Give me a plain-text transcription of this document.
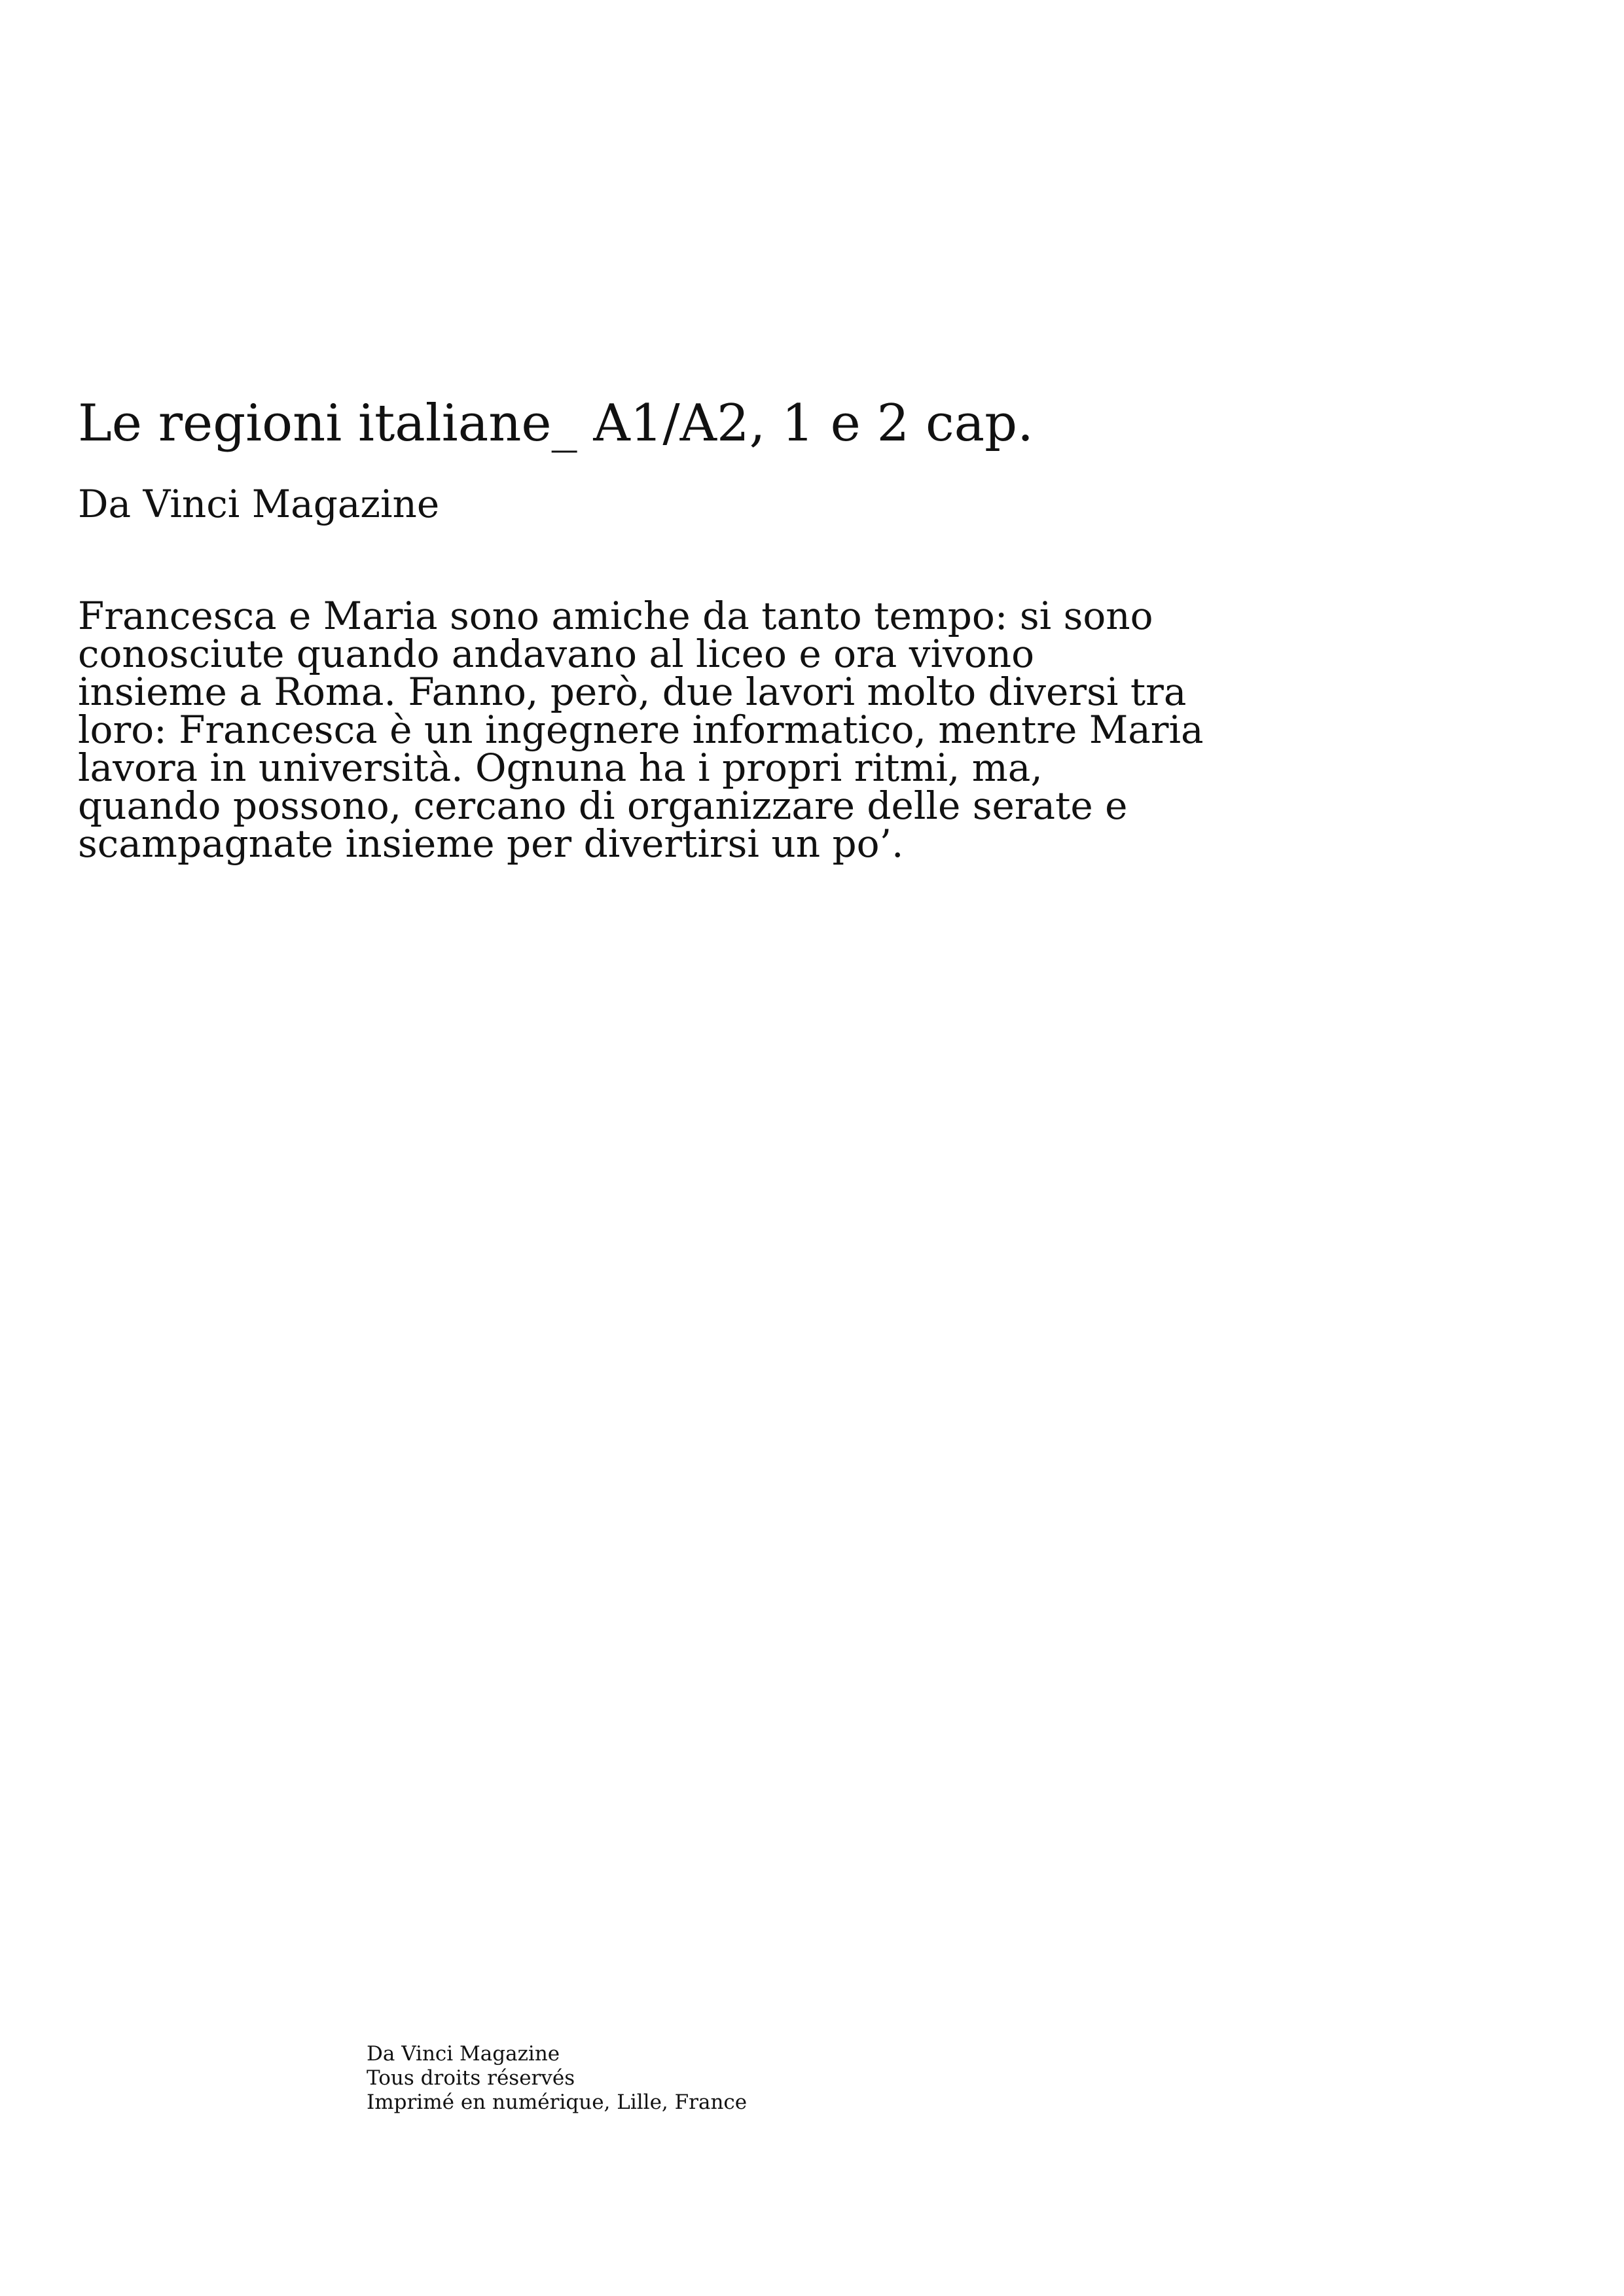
Le regioni italiane_ A1/A2, 1 e 2 cap.
Da Vinci Magazine
Francesca e Maria sono amiche da tanto tempo: si sono
conosciute quando andavano al liceo e ora vivono
insieme a Roma. Fanno, però, due lavori molto diversi tra
loro: Francesca è un ingegnere informatico, mentre Maria
lavora in università. Ognuna ha i propri ritmi, ma,
quando possono, cercano di organizzare delle serate e
scampagnate insieme per divertirsi un po’.
Da Vinci Magazine
Tous droits réservés
Imprimé en numérique, Lille, France
